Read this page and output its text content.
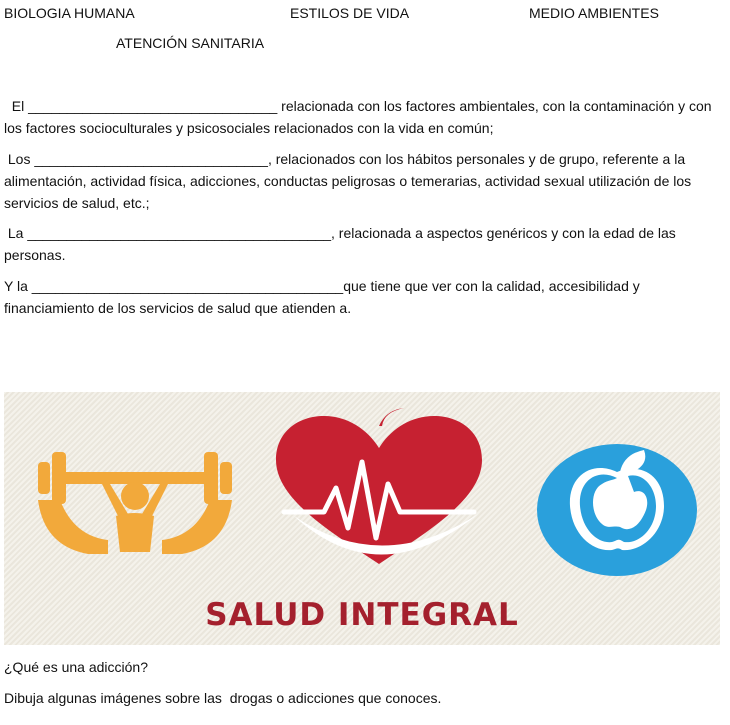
BIOLOGIA HUMANA	ESTILOS DE VIDA	MEDIO AMBIENTES
ATENCIÓN SANITARIA
El ________________________________ relacionada con los factores ambientales, con la contaminación y con los factores socioculturales y psicosociales relacionados con la vida en común;
Los ______________________________, relacionados con los hábitos personales y de grupo, referente a la alimentación, actividad física, adicciones, conductas peligrosas o temerarias, actividad sexual utilización de los servicios de salud, etc.;
La _______________________________________, relacionada a aspectos genéricos y con la edad de las personas.
Y la ________________________________________que tiene que ver con la calidad, accesibilidad y financiamiento de los servicios de salud que atienden a.
SALUD INTEGRAL
¿Qué es una adicción?
Dibuja algunas imágenes sobre las  drogas o adicciones que conoces.
